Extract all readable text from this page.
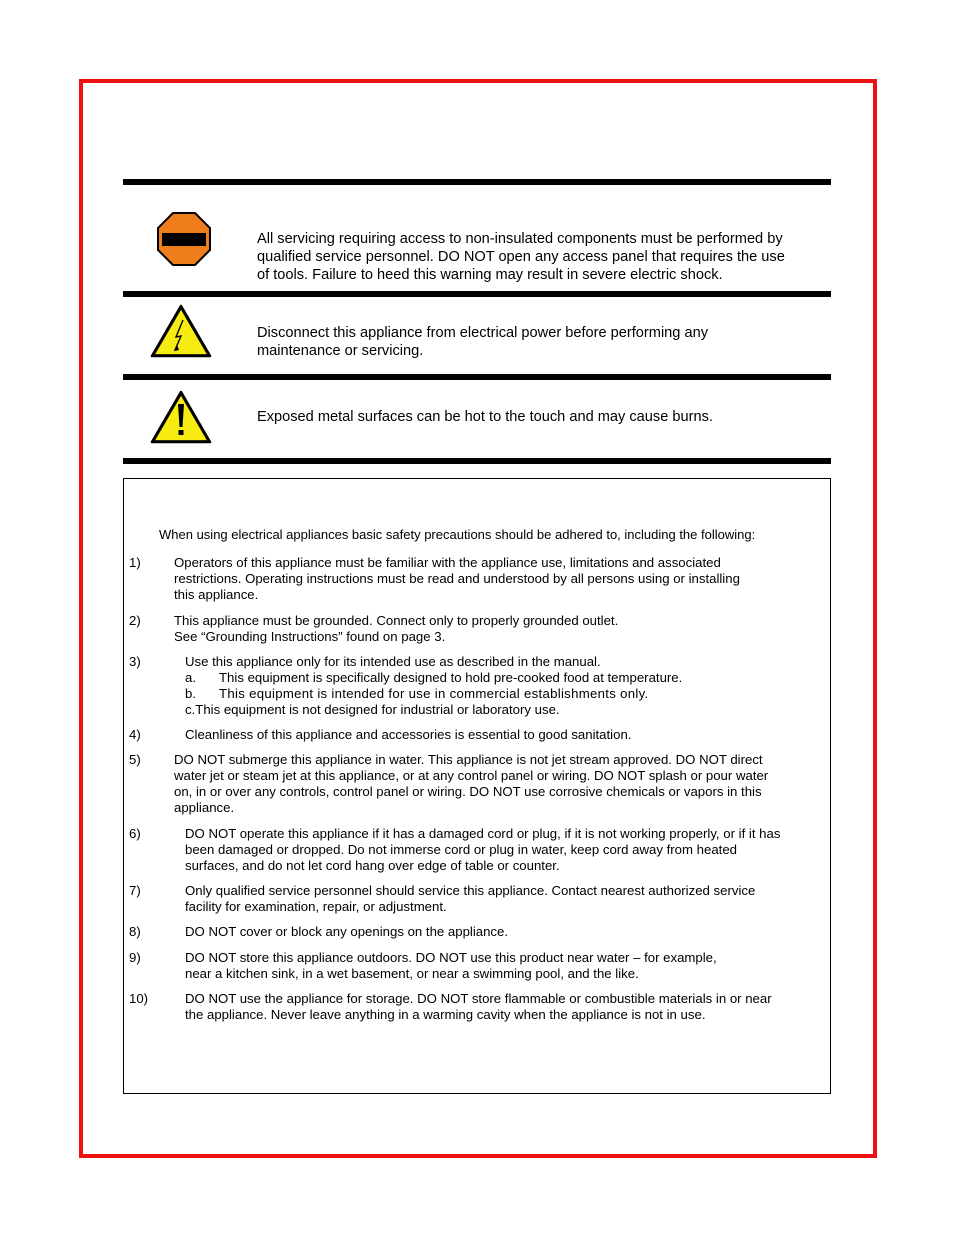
All servicing requiring access to non-insulated components must be performed by
qualified service personnel. DO NOT open any access panel that requires the use
of tools. Failure to heed this warning may result in severe electric shock.
Disconnect this appliance from electrical power before performing any
maintenance or servicing.
Exposed metal surfaces can be hot to the touch and may cause burns.
When using electrical appliances basic safety precautions should be adhered to, including the following:
1)	Operators of this appliance must be familiar with the appliance use, limitations and associated
restrictions. Operating instructions must be read and understood by all persons using or installing
this appliance.
2)	This appliance must be grounded. Connect only to properly grounded outlet.
See “Grounding Instructions” found on page 3.
3)	Use this appliance only for its intended use as described in the manual.
a. This equipment is specifically designed to hold pre-cooked food at temperature.
b. This equipment is intended for use in commercial establishments only.
c.This equipment is not designed for industrial or laboratory use.
4)	Cleanliness of this appliance and accessories is essential to good sanitation.
5)	DO NOT submerge this appliance in water. This appliance is not jet stream approved. DO NOT direct
water jet or steam jet at this appliance, or at any control panel or wiring. DO NOT splash or pour water
on, in or over any controls, control panel or wiring. DO NOT use corrosive chemicals or vapors in this
appliance.
6)	DO NOT operate this appliance if it has a damaged cord or plug, if it is not working properly, or if it has
been damaged or dropped. Do not immerse cord or plug in water, keep cord away from heated
surfaces, and do not let cord hang over edge of table or counter.
7)	Only qualified service personnel should service this appliance. Contact nearest authorized service
facility for examination, repair, or adjustment.
8)	DO NOT cover or block any openings on the appliance.
9)	DO NOT store this appliance outdoors. DO NOT use this product near water – for example,
near a kitchen sink, in a wet basement, or near a swimming pool, and the like.
10)	DO NOT use the appliance for storage. DO NOT store flammable or combustible materials in or near
the appliance. Never leave anything in a warming cavity when the appliance is not in use.
